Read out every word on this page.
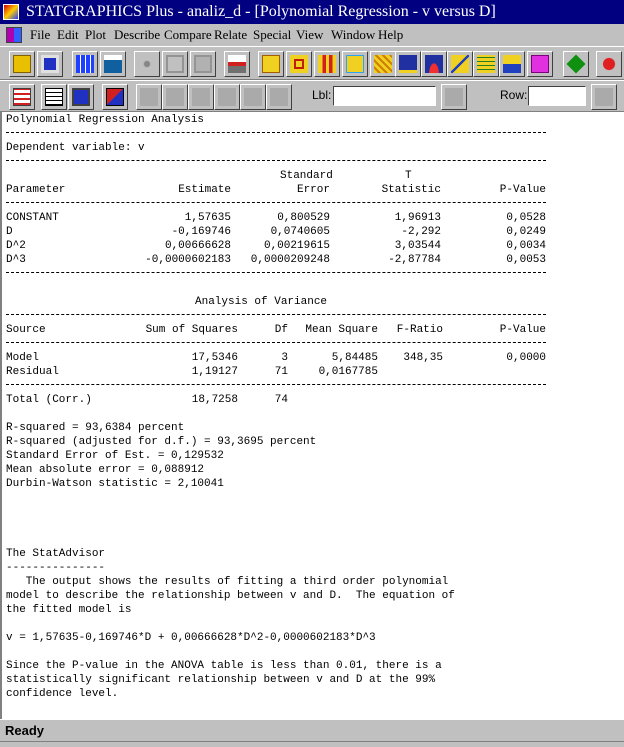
STATGRAPHICS Plus - analiz_d - [Polynomial Regression - v versus D]
File Edit Plot Describe Compare Relate Special View Window Help
Lbl:	Row:
Polynomial Regression Analysis
Dependent variable: v
Standard	T
Parameter	Estimate	Error	Statistic	P-Value
CONSTANT	1,57635	0,800529	1,96913	0,0528
D	-0,169746	0,0740605	-2,292	0,0249
D^2	0,00666628	0,00219615	3,03544	0,0034
D^3	-0,0000602183	0,0000209248	-2,87784	0,0053
Analysis of Variance
Source	Sum of Squares	Df	Mean Square	F-Ratio	P-Value
Model	17,5346	3	5,84485	348,35	0,0000
Residual	1,19127	71	0,0167785
Total (Corr.)	18,7258	74
R-squared = 93,6384 percent
R-squared (adjusted for d.f.) = 93,3695 percent
Standard Error of Est. = 0,129532
Mean absolute error = 0,088912
Durbin-Watson statistic = 2,10041
The StatAdvisor
---------------
The output shows the results of fitting a third order polynomial
model to describe the relationship between v and D.  The equation of
the fitted model is
v = 1,57635-0,169746*D + 0,00666628*D^2-0,0000602183*D^3
Since the P-value in the ANOVA table is less than 0.01, there is a
statistically significant relationship between v and D at the 99%
confidence level.
Ready
